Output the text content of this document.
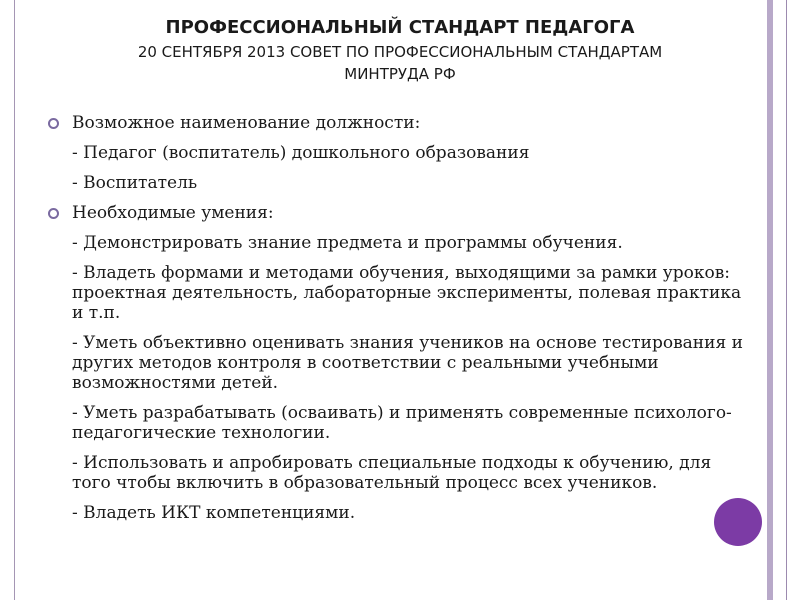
ПРОФЕССИОНАЛЬНЫЙ СТАНДАРТ ПЕДАГОГА
20 СЕНТЯБРЯ 2013 СОВЕТ ПО ПРОФЕССИОНАЛЬНЫМ СТАНДАРТАМ
МИНТРУДА РФ
Возможное наименование должности:
- Педагог (воспитатель) дошкольного образования
- Воспитатель
Необходимые умения:
- Демонстрировать знание предмета и программы обучения.
- Владеть формами и методами обучения, выходящими за рамки уроков: проектная деятельность, лабораторные эксперименты, полевая практика и т.п.
- Уметь объективно оценивать знания учеников на основе тестирования и других методов контроля в соответствии с реальными учебными возможностями детей.
- Уметь разрабатывать (осваивать) и применять современные психолого-педагогические технологии.
- Использовать и апробировать специальные подходы к обучению, для того чтобы включить в образовательный процесс всех учеников.
- Владеть ИКТ компетенциями.
